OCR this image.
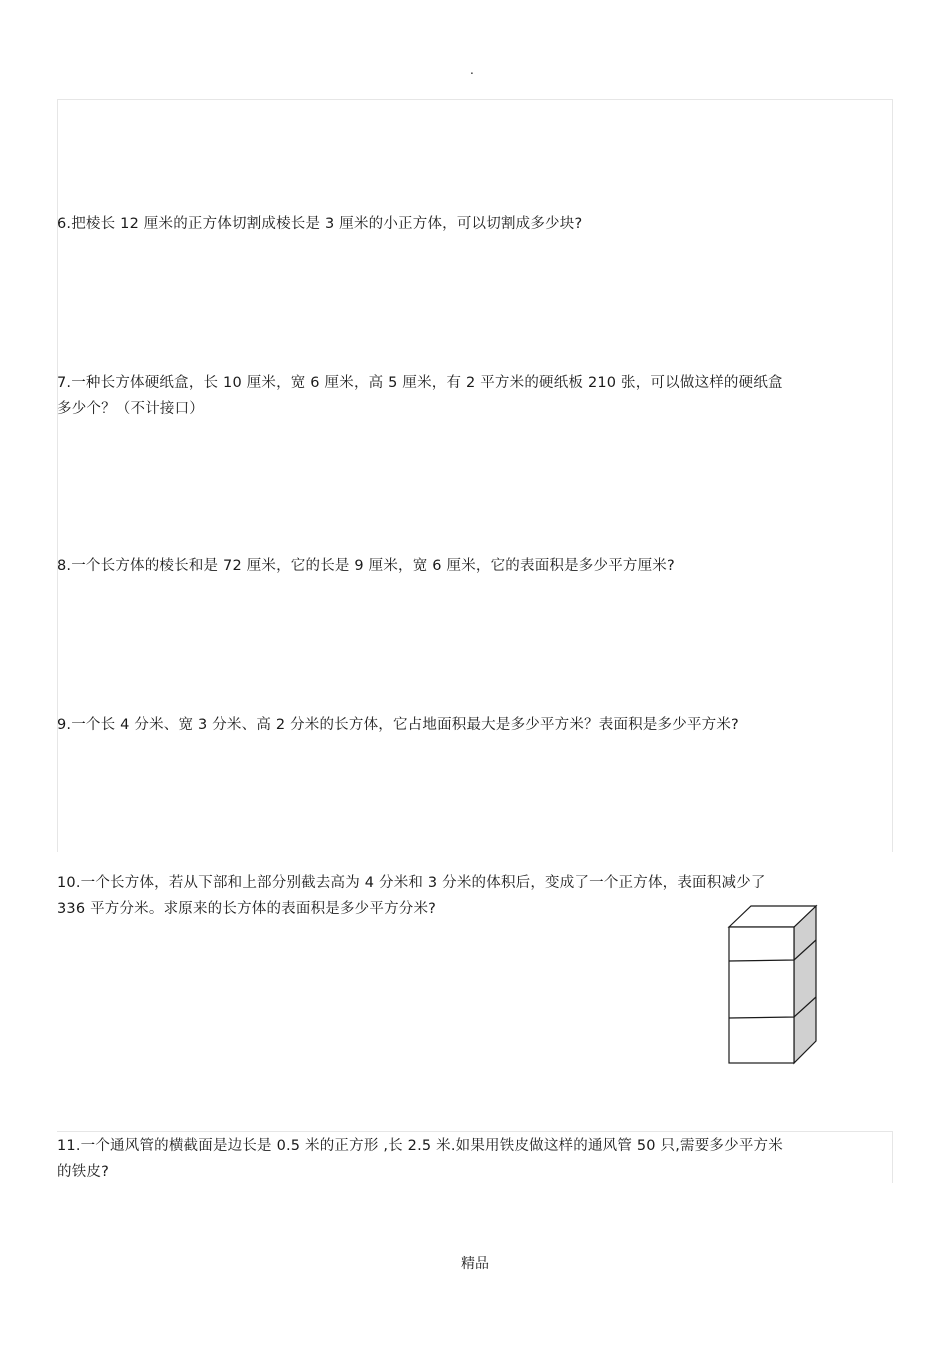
.
6.把棱长 12 厘米的正方体切割成棱长是 3 厘米的小正方体，可以切割成多少块?
7.一种长方体硬纸盒，长 10 厘米，宽 6 厘米，高 5 厘米，有 2 平方米的硬纸板 210 张，可以做这样的硬纸盒
多少个？（不计接口）
8.一个长方体的棱长和是 72 厘米，它的长是 9 厘米，宽 6 厘米，它的表面积是多少平方厘米?
9.一个长 4 分米、宽 3 分米、高 2 分米的长方体，它占地面积最大是多少平方米？表面积是多少平方米?
10.一个长方体，若从下部和上部分别截去高为 4 分米和 3 分米的体积后，变成了一个正方体，表面积减少了
336 平方分米。求原来的长方体的表面积是多少平方分米?
11.一个通风管的横截面是边长是 0.5 米的正方形 ,长 2.5 米.如果用铁皮做这样的通风管 50 只,需要多少平方米
的铁皮?
精品
